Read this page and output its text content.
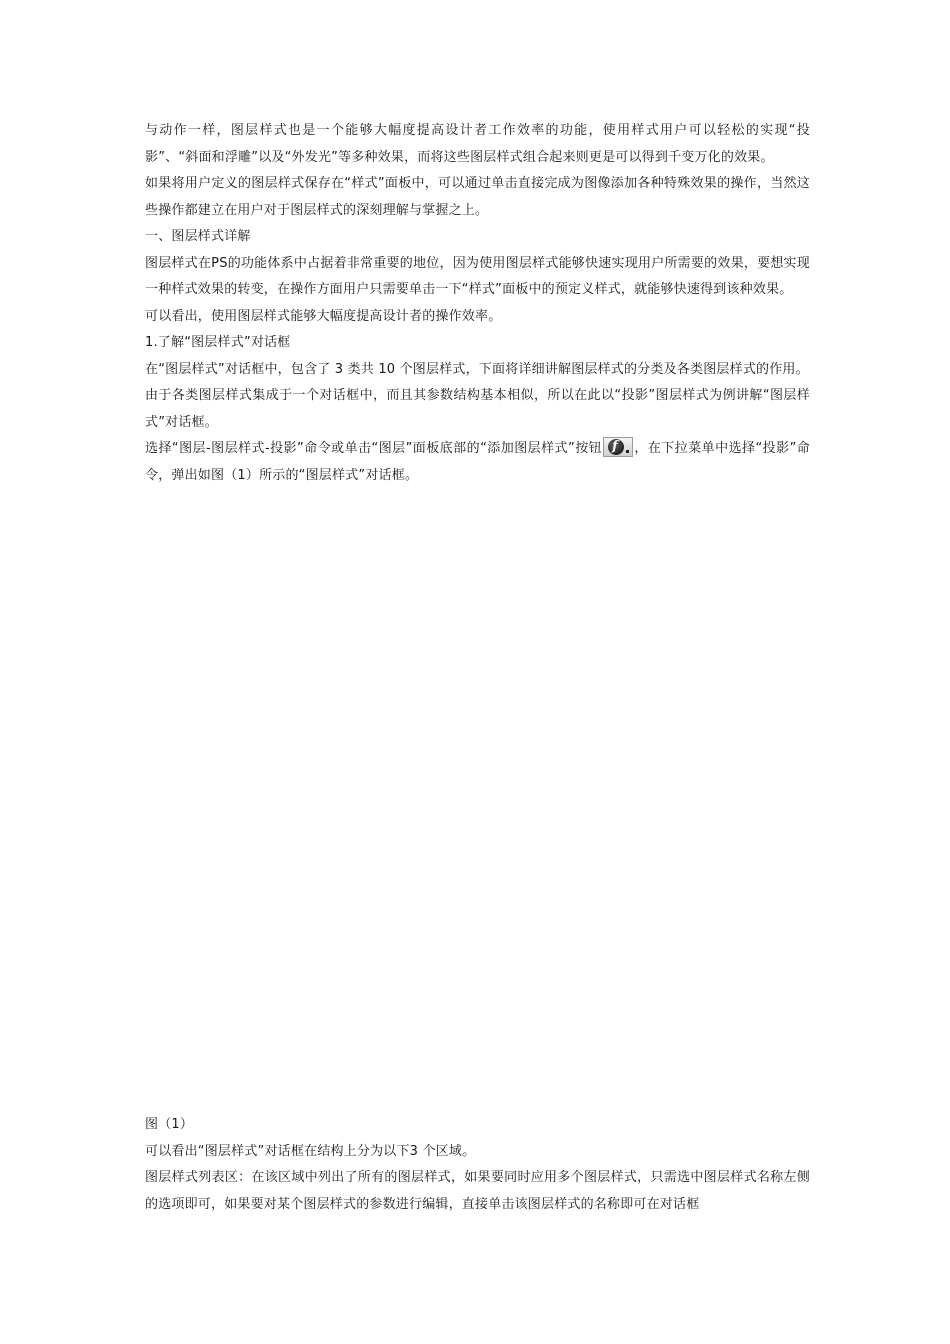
与动作一样，图层样式也是一个能够大幅度提高设计者工作效率的功能，使用样式用户可以轻松的实现“投影”、“斜面和浮雕”以及“外发光”等多种效果，而将这些图层样式组合起来则更是可以得到千变万化的效果。

如果将用户定义的图层样式保存在“样式”面板中，可以通过单击直接完成为图像添加各种特殊效果的操作，当然这些操作都建立在用户对于图层样式的深刻理解与掌握之上。

一、图层样式详解

图层样式在PS的功能体系中占据着非常重要的地位，因为使用图层样式能够快速实现用户所需要的效果，要想实现一种样式效果的转变，在操作方面用户只需要单击一下“样式”面板中的预定义样式，就能够快速得到该种效果。

可以看出，使用图层样式能够大幅度提高设计者的操作效率。

1.了解“图层样式”对话框

在“图层样式”对话框中，包含了 3 类共 10 个图层样式，下面将详细讲解图层样式的分类及各类图层样式的作用。

由于各类图层样式集成于一个对话框中，而且其参数结构基本相似，所以在此以“投影”图层样式为例讲解“图层样式”对话框。

选择“图层-图层样式-投影”命令或单击“图层”面板底部的“添加图层样式”按钮 f ，在下拉菜单中选择“投影”命令，弹出如图（1）所示的“图层样式”对话框。

图（1）

可以看出“图层样式”对话框在结构上分为以下3 个区域。

图层样式列表区：在该区域中列出了所有的图层样式，如果要同时应用多个图层样式，只需选中图层样式名称左侧的选项即可，如果要对某个图层样式的参数进行编辑，直接单击该图层样式的名称即可在对话框
